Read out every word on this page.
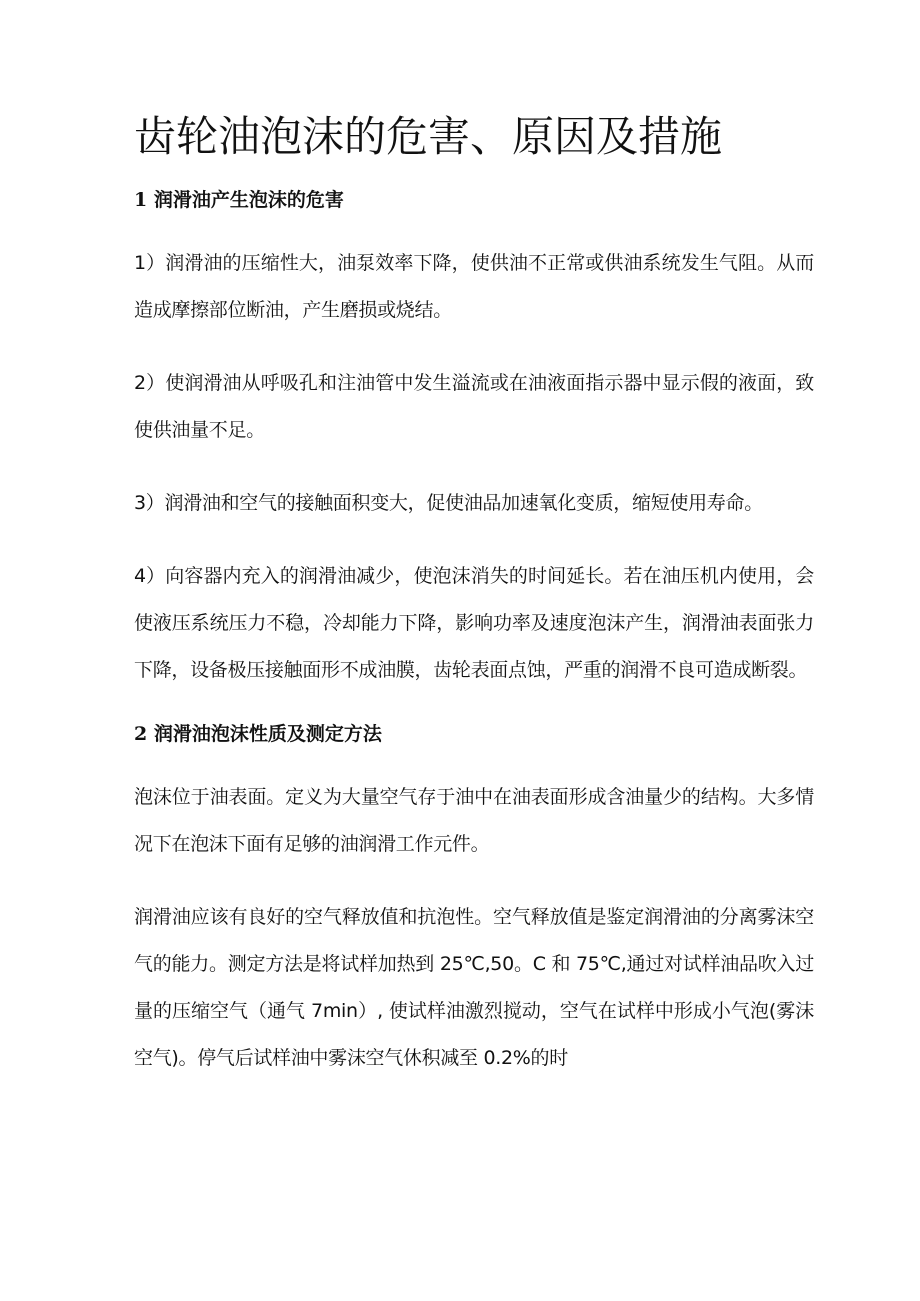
齿轮油泡沫的危害、原因及措施
1 润滑油产生泡沫的危害

1）润滑油的压缩性大，油泵效率下降，使供油不正常或供油系统发生气阻。从而造成摩擦部位断油，产生磨损或烧结。

2）使润滑油从呼吸孔和注油管中发生溢流或在油液面指示器中显示假的液面，致使供油量不足。

3）润滑油和空气的接触面积变大，促使油品加速氧化变质，缩短使用寿命。

4）向容器内充入的润滑油减少，使泡沫消失的时间延长。若在油压机内使用，会使液压系统压力不稳，冷却能力下降，影响功率及速度泡沫产生，润滑油表面张力下降，设备极压接触面形不成油膜，齿轮表面点蚀，严重的润滑不良可造成断裂。

2 润滑油泡沫性质及测定方法

泡沫位于油表面。定义为大量空气存于油中在油表面形成含油量少的结构。大多情况下在泡沫下面有足够的油润滑工作元件。

润滑油应该有良好的空气释放值和抗泡性。空气释放值是鉴定润滑油的分离雾沫空气的能力。测定方法是将试样加热到 25℃,50。C 和 75℃,通过对试样油品吹入过量的压缩空气（通气 7min）, 使试样油激烈搅动，空气在试样中形成小气泡(雾沫空气)。停气后试样油中雾沫空气休积减至 0.2%的时
